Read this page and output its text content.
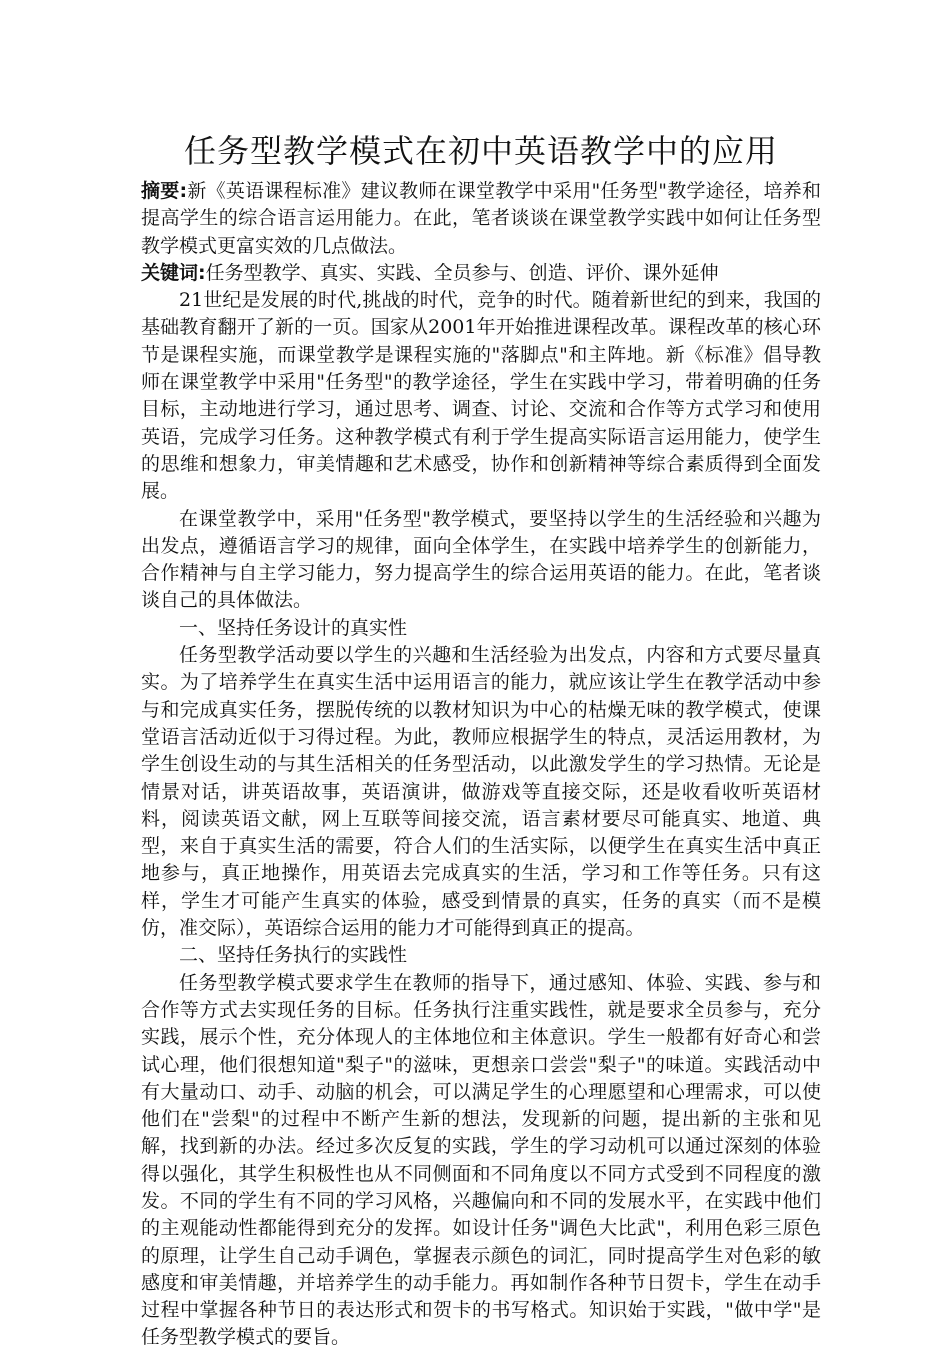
任务型教学模式在初中英语教学中的应用

摘要:新《英语课程标准》建议教师在课堂教学中采用"任务型"教学途径，培养和提高学生的综合语言运用能力。在此，笔者谈谈在课堂教学实践中如何让任务型教学模式更富实效的几点做法。

关键词:任务型教学、真实、实践、全员参与、创造、评价、课外延伸

21世纪是发展的时代,挑战的时代，竞争的时代。随着新世纪的到来，我国的基础教育翻开了新的一页。国家从2001年开始推进课程改革。课程改革的核心环节是课程实施，而课堂教学是课程实施的"落脚点"和主阵地。新《标准》倡导教师在课堂教学中采用"任务型"的教学途径，学生在实践中学习，带着明确的任务目标，主动地进行学习，通过思考、调查、讨论、交流和合作等方式学习和使用英语，完成学习任务。这种教学模式有利于学生提高实际语言运用能力，使学生的思维和想象力，审美情趣和艺术感受，协作和创新精神等综合素质得到全面发展。

在课堂教学中，采用"任务型"教学模式，要坚持以学生的生活经验和兴趣为出发点，遵循语言学习的规律，面向全体学生，在实践中培养学生的创新能力，合作精神与自主学习能力，努力提高学生的综合运用英语的能力。在此，笔者谈谈自己的具体做法。

一、坚持任务设计的真实性

任务型教学活动要以学生的兴趣和生活经验为出发点，内容和方式要尽量真实。为了培养学生在真实生活中运用语言的能力，就应该让学生在教学活动中参与和完成真实任务，摆脱传统的以教材知识为中心的枯燥无味的教学模式，使课堂语言活动近似于习得过程。为此，教师应根据学生的特点，灵活运用教材，为学生创设生动的与其生活相关的任务型活动，以此激发学生的学习热情。无论是情景对话，讲英语故事，英语演讲，做游戏等直接交际，还是收看收听英语材料，阅读英语文献，网上互联等间接交流，语言素材要尽可能真实、地道、典型，来自于真实生活的需要，符合人们的生活实际，以便学生在真实生活中真正地参与，真正地操作，用英语去完成真实的生活，学习和工作等任务。只有这样，学生才可能产生真实的体验，感受到情景的真实，任务的真实（而不是模仿，准交际），英语综合运用的能力才可能得到真正的提高。

二、坚持任务执行的实践性

任务型教学模式要求学生在教师的指导下，通过感知、体验、实践、参与和合作等方式去实现任务的目标。任务执行注重实践性，就是要求全员参与，充分实践，展示个性，充分体现人的主体地位和主体意识。学生一般都有好奇心和尝试心理，他们很想知道"梨子"的滋味，更想亲口尝尝"梨子"的味道。实践活动中有大量动口、动手、动脑的机会，可以满足学生的心理愿望和心理需求，可以使他们在"尝梨"的过程中不断产生新的想法，发现新的问题，提出新的主张和见解，找到新的办法。经过多次反复的实践，学生的学习动机可以通过深刻的体验得以强化，其学生积极性也从不同侧面和不同角度以不同方式受到不同程度的激发。不同的学生有不同的学习风格，兴趣偏向和不同的发展水平，在实践中他们的主观能动性都能得到充分的发挥。如设计任务"调色大比武"，利用色彩三原色的原理，让学生自己动手调色，掌握表示颜色的词汇，同时提高学生对色彩的敏感度和审美情趣，并培养学生的动手能力。再如制作各种节日贺卡，学生在动手过程中掌握各种节日的表达形式和贺卡的书写格式。知识始于实践，"做中学"是任务型教学模式的要旨。
